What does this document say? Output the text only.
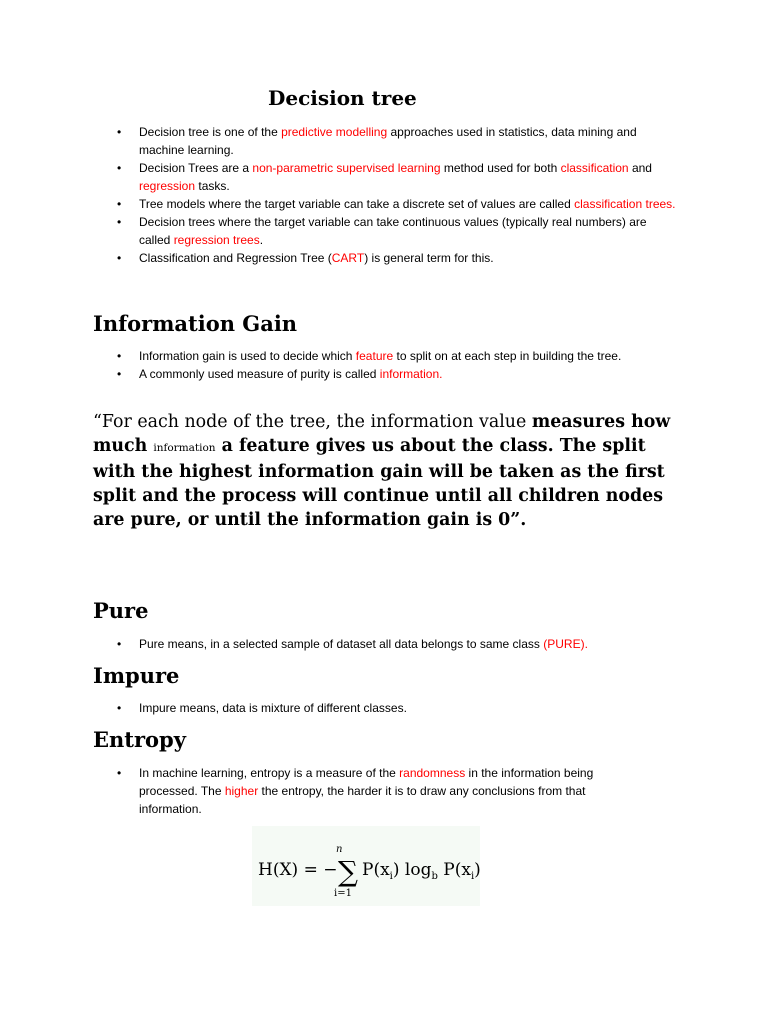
Decision tree
• Decision tree is one of the predictive modelling approaches used in statistics, data mining and machine learning.
• Decision Trees are a non-parametric supervised learning method used for both classification and regression tasks.
• Tree models where the target variable can take a discrete set of values are called classification trees.
• Decision trees where the target variable can take continuous values (typically real numbers) are called regression trees.
• Classification and Regression Tree (CART) is general term for this.
Information Gain
• Information gain is used to decide which feature to split on at each step in building the tree.
• A commonly used measure of purity is called information.
“For each node of the tree, the information value measures how much information a feature gives us about the class. The split with the highest information gain will be taken as the first split and the process will continue until all children nodes are pure, or until the information gain is 0”.
Pure
• Pure means, in a selected sample of dataset all data belongs to same class (PURE).
Impure
• Impure means, data is mixture of different classes.
Entropy
• In machine learning, entropy is a measure of the randomness in the information being processed. The higher the entropy, the harder it is to draw any conclusions from that information.
H(X) = −
n
∑
i=1
$P(x_i)$ $\log_b P(x_i)$
